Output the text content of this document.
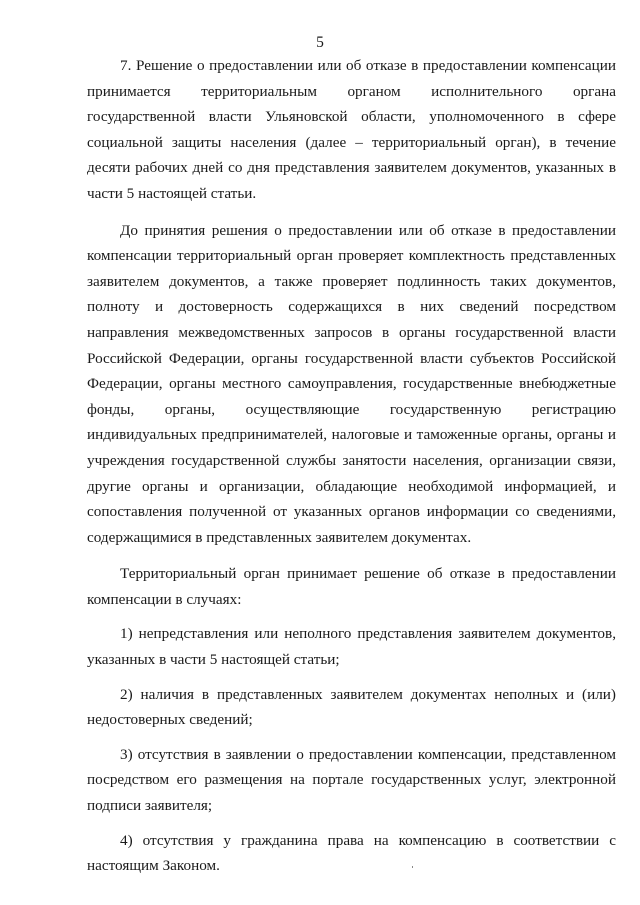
5

7. Решение о предоставлении или об отказе в предоставлении компенсации принимается территориальным органом исполнительного органа государственной власти Ульяновской области, уполномоченного в сфере социальной защиты населения (далее – территориальный орган), в течение десяти рабочих дней со дня представления заявителем документов, указанных в части 5 настоящей статьи.

До принятия решения о предоставлении или об отказе в предоставлении компенсации территориальный орган проверяет комплектность представленных заявителем документов, а также проверяет подлинность таких документов, полноту и достоверность содержащихся в них сведений посредством направления межведомственных запросов в органы государственной власти Российской Федерации, органы государственной власти субъектов Российской Федерации, органы местного самоуправления, государственные внебюджетные фонды, органы, осуществляющие государственную регистрацию индивидуальных предпринимателей, налоговые и таможенные органы, органы и учреждения государственной службы занятости населения, организации связи, другие органы и организации, обладающие необходимой информацией, и сопоставления полученной от указанных органов информации со сведениями, содержащимися в представленных заявителем документах.

Территориальный орган принимает решение об отказе в предоставлении компенсации в случаях:

1) непредставления или неполного представления заявителем документов, указанных в части 5 настоящей статьи;

2) наличия в представленных заявителем документах неполных и (или) недостоверных сведений;

3) отсутствия в заявлении о предоставлении компенсации, представленном посредством его размещения на портале государственных услуг, электронной подписи заявителя;

4) отсутствия у гражданина права на компенсацию в соответствии с настоящим Законом.
